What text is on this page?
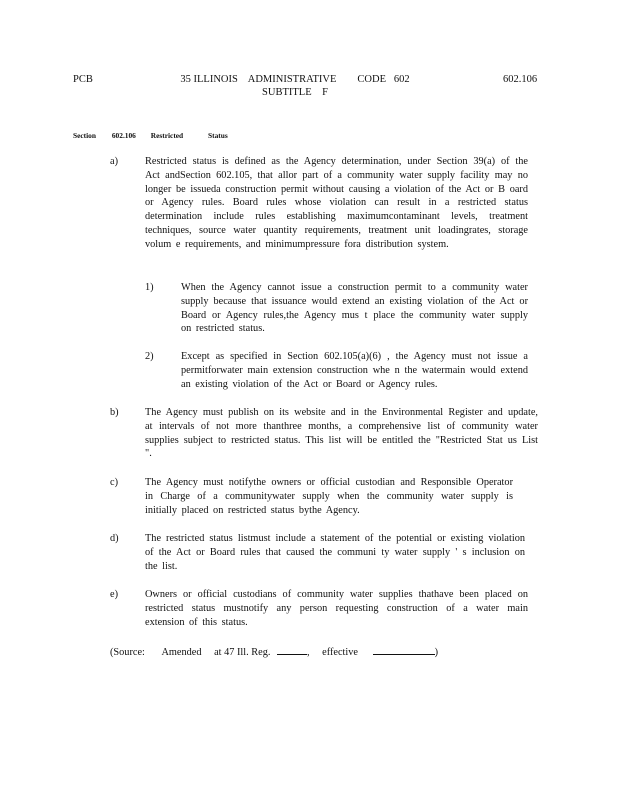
PCB	35 ILLINOIS    ADMINISTRATIVE        CODE   602
SUBTITLE    F
602.106
Section 602.106 Restricted	Status
a)	Restricted status is defined as the Agency determination, under Section 39(a) of the Act andSection 602.105, that allor part of a community water supply facility may no longer be issueda construction permit without causing a violation of the Act or B oard or Agency rules. Board rules whose violation can result in a restricted status determination include rules establishing maximumcontaminant levels, treatment techniques, source water quantity requirements, treatment unit loadingrates, storage volum e requirements, and minimumpressure fora distribution system.
1)	When the Agency cannot issue a construction permit to a community water supply because that issuance would extend an existing violation of the Act or Board or Agency rules,the Agency mus t place the community water supply on restricted status.
2)	Except as specified in Section 602.105(a)(6) , the Agency must not issue a permitforwater main extension construction whe n the watermain would extend an existing violation of the Act or Board or Agency rules.
b)	The Agency must publish on its website and in the Environmental Register and update, at intervals of not more thanthree months, a comprehensive list of community water supplies subject to restricted status. This list will be entitled the "Restricted Stat us List ".
c)	The Agency must notifythe owners or official custodian and Responsible Operator in Charge of a communitywater supply when the community water supply is initially placed on restricted status bythe Agency.
d)	The restricted status listmust include a statement of the potential or existing violation of the Act or Board rules that caused the communi ty water supply ' s inclusion on the list.
e)	Owners or official custodians of community water supplies thathave been placed on restricted status mustnotify any person requesting construction of a water main extension of this status.
(Source: Amended at 47 Ill. Reg.	, effective	)
